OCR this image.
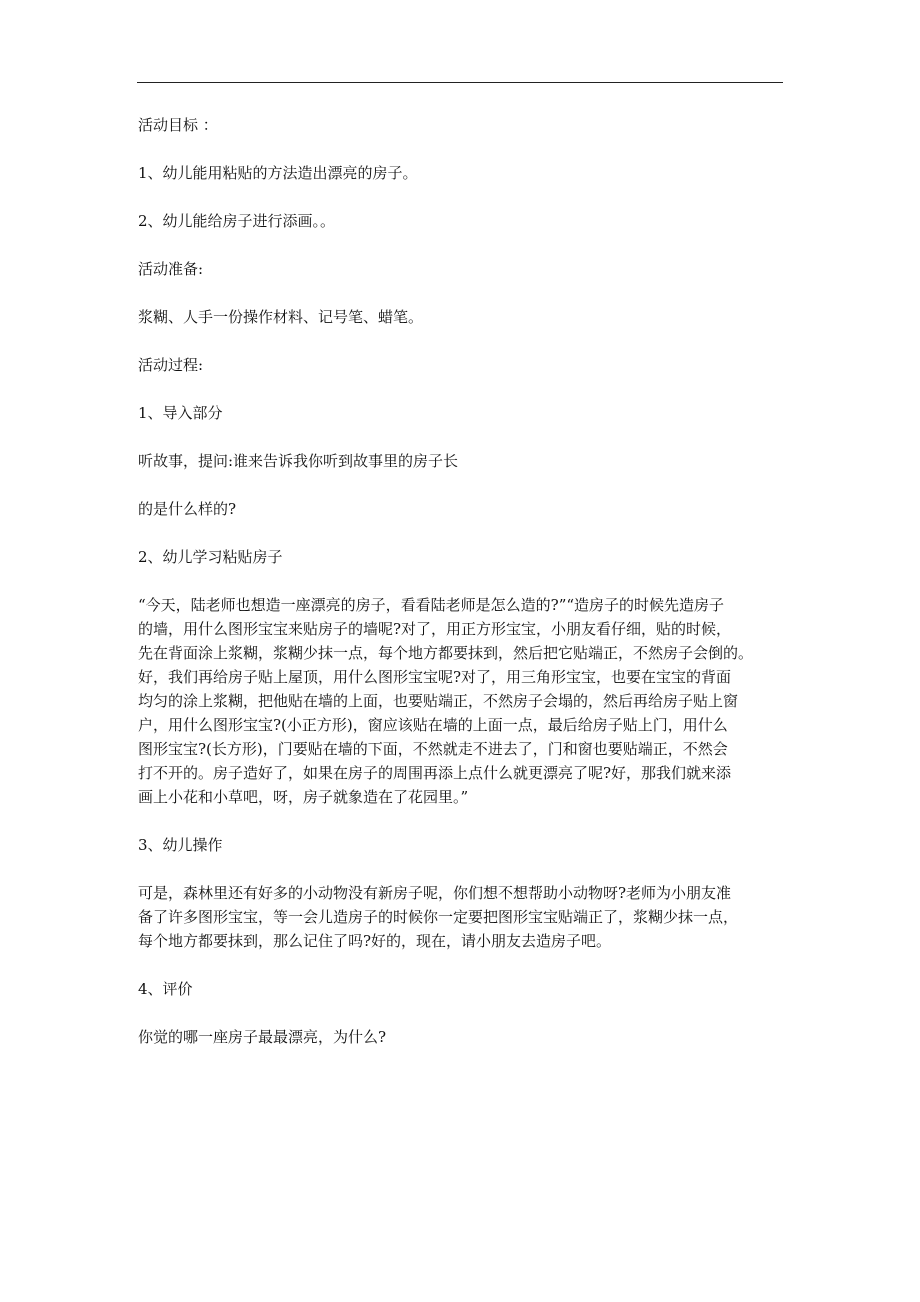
活动目标 ：

1、幼儿能用粘贴的方法造出漂亮的房子。

2、幼儿能给房子进行添画。。

活动准备:

浆糊、人手一份操作材料、记号笔、蜡笔。

活动过程:

1、导入部分

听故事，提问:谁来告诉我你听到故事里的房子长

的是什么样的?

2、幼儿学习粘贴房子

“今天，陆老师也想造一座漂亮的房子，看看陆老师是怎么造的?”“造房子的时候先造房子
的墙，用什么图形宝宝来贴房子的墙呢?对了，用正方形宝宝，小朋友看仔细，贴的时候，
先在背面涂上浆糊，浆糊少抹一点，每个地方都要抹到，然后把它贴端正，不然房子会倒的。
好，我们再给房子贴上屋顶，用什么图形宝宝呢?对了，用三角形宝宝，也要在宝宝的背面
均匀的涂上浆糊，把他贴在墙的上面，也要贴端正，不然房子会塌的，然后再给房子贴上窗
户，用什么图形宝宝?(小正方形)，窗应该贴在墙的上面一点，最后给房子贴上门，用什么
图形宝宝?(长方形)，门要贴在墙的下面，不然就走不进去了，门和窗也要贴端正，不然会
打不开的。房子造好了，如果在房子的周围再添上点什么就更漂亮了呢?好，那我们就来添
画上小花和小草吧，呀，房子就象造在了花园里。”

3、幼儿操作

可是，森林里还有好多的小动物没有新房子呢，你们想不想帮助小动物呀?老师为小朋友准
备了许多图形宝宝，等一会儿造房子的时候你一定要把图形宝宝贴端正了，浆糊少抹一点，
每个地方都要抹到，那么记住了吗?好的，现在，请小朋友去造房子吧。

4、评价

你觉的哪一座房子最最漂亮，为什么?
